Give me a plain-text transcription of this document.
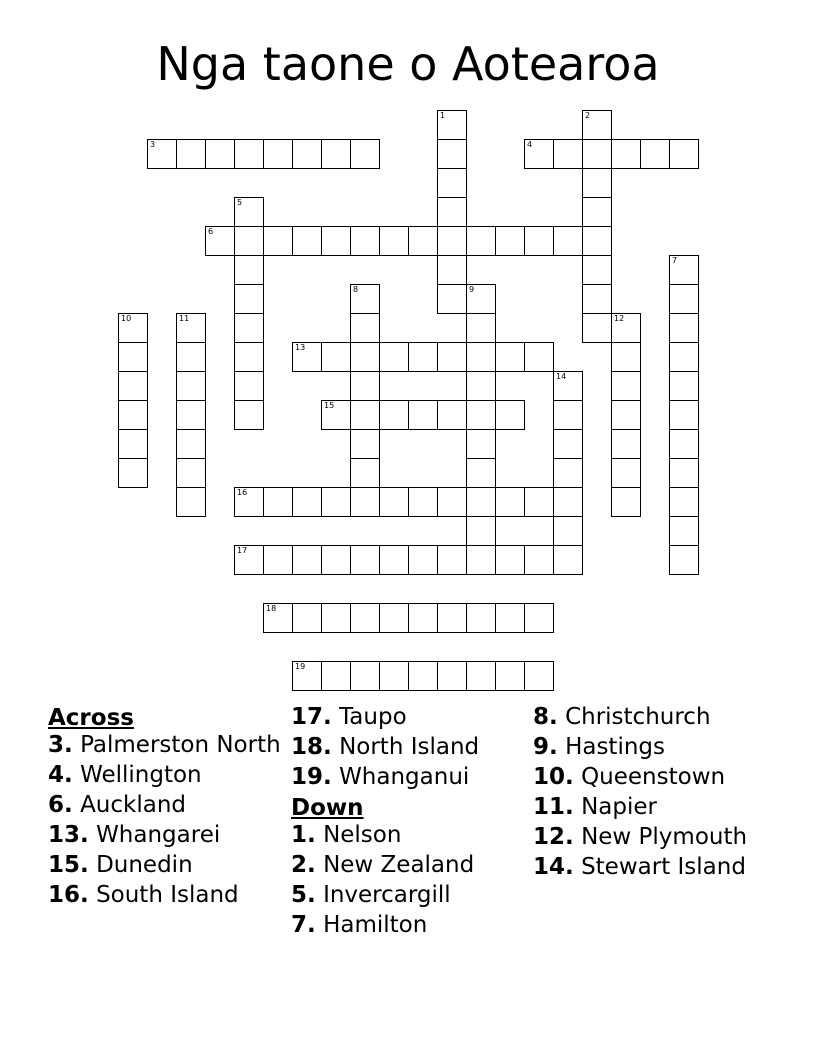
Nga taone o Aotearoa
1	2
3	4
5
6
7
8	9
10	11	12
13
14
15
16
17
18
19
Across
3. Palmerston North
4. Wellington
6. Auckland
13. Whangarei
15. Dunedin
16. South Island
17. Taupo
18. North Island
19. Whanganui
Down
1. Nelson
2. New Zealand
5. Invercargill
7. Hamilton
8. Christchurch
9. Hastings
10. Queenstown
11. Napier
12. New Plymouth
14. Stewart Island
